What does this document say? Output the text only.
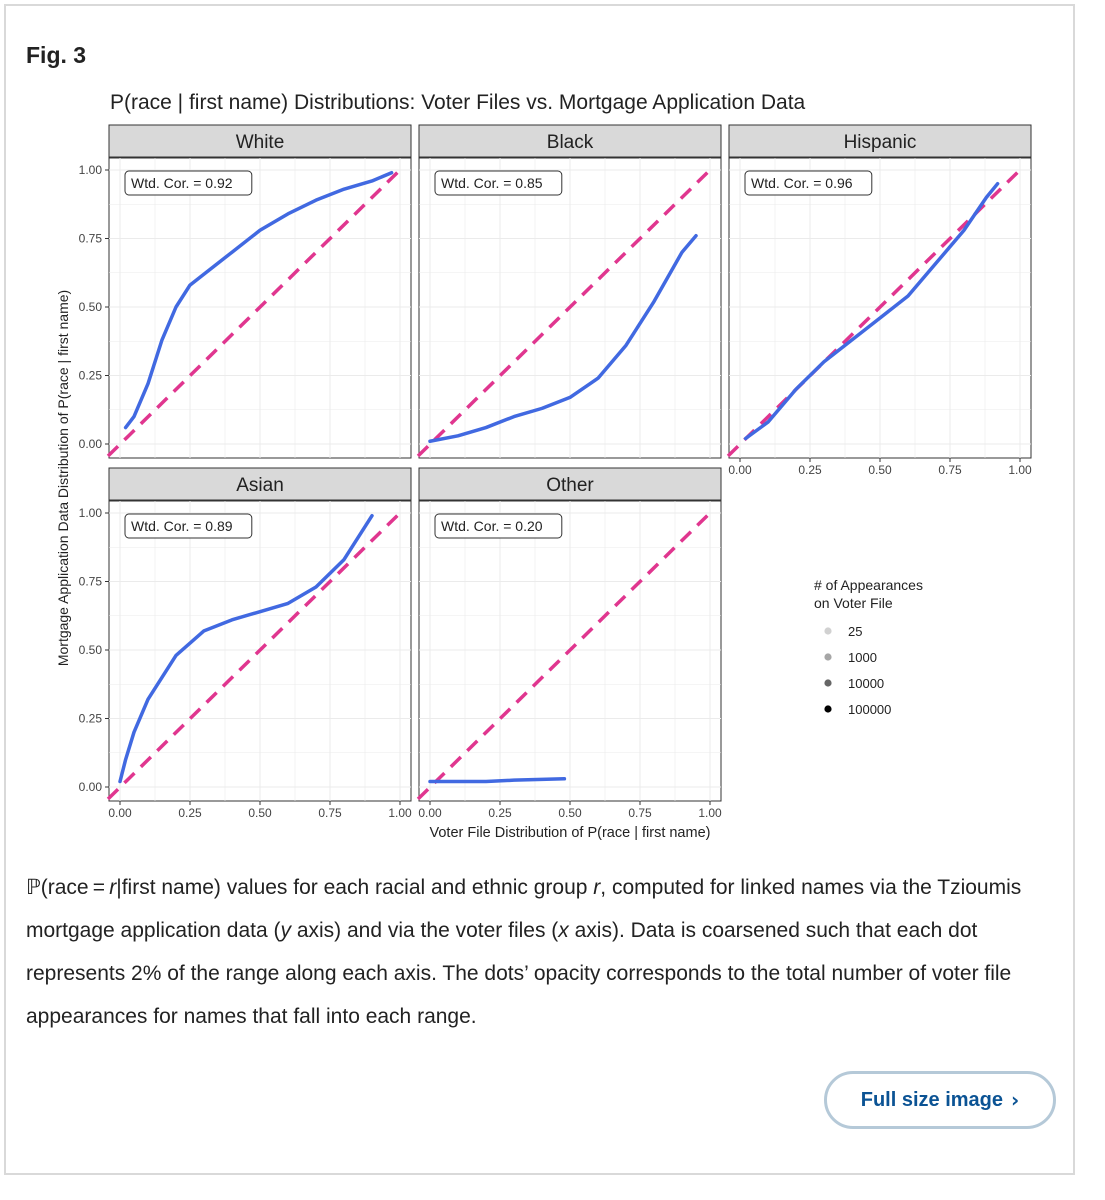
Fig. 3
P(race | first name) Distributions: Voter Files vs. Mortgage Application Data
Voter File Distribution of P(race | first name)
Mortgage Application Data Distribution of P(race | first name)	# of Appearances
on Voter File
25
1000
10000
100000
White
Wtd. Cor. = 0.92
0.00
0.25
0.50
0.75
1.00
Black
Wtd. Cor. = 0.85
Hispanic
Wtd. Cor. = 0.96
0.00	0.25	0.50	0.75	1.00
Asian
Wtd. Cor. = 0.89
0.00
0.25
0.50
0.75
1.00
0.00	0.25	0.50	0.75	1.00
Other
Wtd. Cor. = 0.20
0.00	0.25	0.50	0.75	1.00
ℙ(race = r|first name) values for each racial and ethnic group r, computed for linked names via the Tzioumis mortgage application data (y axis) and via the voter files (x axis). Data is coarsened such that each dot represents 2% of the range along each axis. The dots’ opacity corresponds to the total number of voter file appearances for names that fall into each range.
Full size image ›
